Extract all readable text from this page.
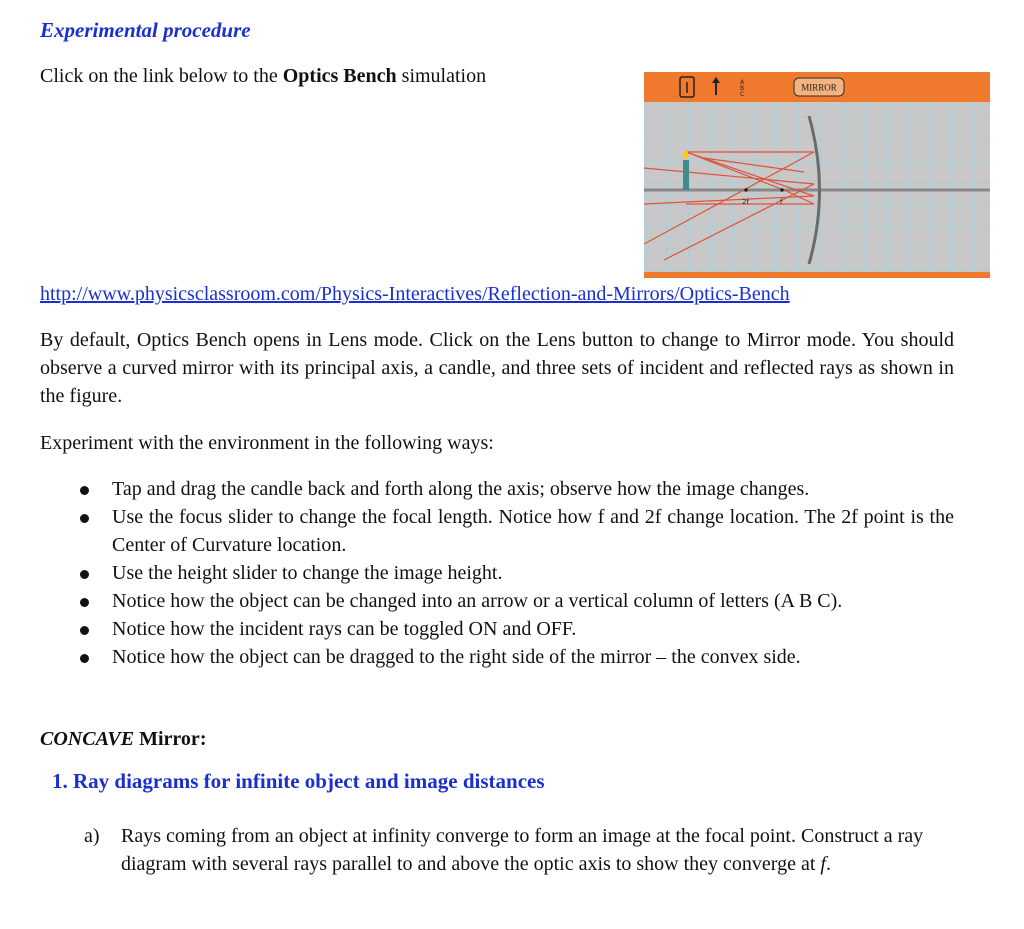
Experimental procedure
Click on the link below to the Optics Bench simulation	A
B
C
MIRROR
2f	f
http://www.physicsclassroom.com/Physics-Interactives/Reflection-and-Mirrors/Optics-Bench
By default, Optics Bench opens in Lens mode. Click on the Lens button to change to Mirror mode. You should observe a curved mirror with its principal axis, a candle, and three sets of incident and reflected rays as shown in the figure.
Experiment with the environment in the following ways:
Tap and drag the candle back and forth along the axis; observe how the image changes.
Use the focus slider to change the focal length. Notice how f and 2f change location. The 2f point is the Center of Curvature location.
Use the height slider to change the image height.
Notice how the object can be changed into an arrow or a vertical column of letters (A B C).
Notice how the incident rays can be toggled ON and OFF.
Notice how the object can be dragged to the right side of the mirror – the convex side.
CONCAVE Mirror:
1. Ray diagrams for infinite object and image distances
a) Rays coming from an object at infinity converge to form an image at the focal point. Construct a ray diagram with several rays parallel to and above the optic axis to show they converge at f.
